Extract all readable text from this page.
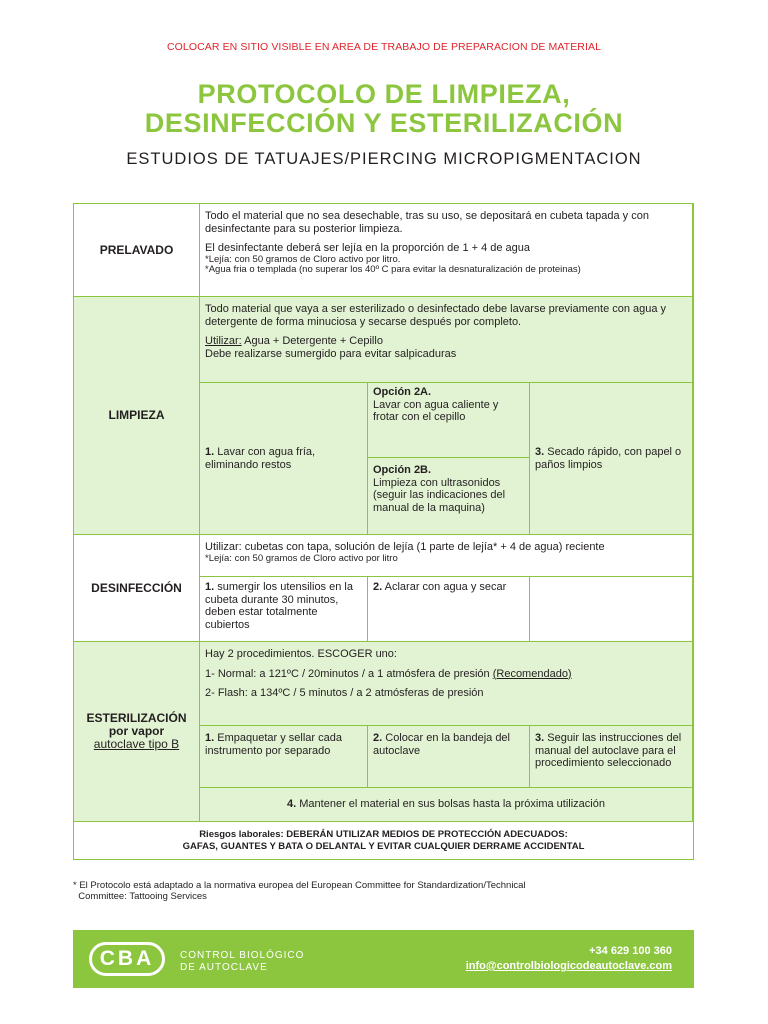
COLOCAR EN SITIO VISIBLE EN AREA DE TRABAJO DE PREPARACION DE MATERIAL
PROTOCOLO DE LIMPIEZA,
DESINFECCIÓN Y ESTERILIZACIÓN
ESTUDIOS DE TATUAJES/PIERCING MICROPIGMENTACION
PRELAVADO

Todo el material que no sea desechable, tras su uso, se depositará en cubeta tapada y con desinfectante para su posterior limpieza.

El desinfectante deberá ser lejía en la proporción de 1 + 4 de agua

*Lejía: con 50 gramos de Cloro activo por litro.

*Agua fria o templada (no superar los 40º C para evitar la desnaturalización de proteinas)

LIMPIEZA

Todo material que vaya a ser esterilizado o desinfectado debe lavarse previamente con agua y detergente de forma minuciosa y secarse después por completo.

Utilizar: Agua + Detergente + Cepillo

Debe realizarse sumergido para evitar salpicaduras

1. Lavar con agua fría, eliminando restos

Opción 2A.

Lavar con agua caliente y frotar con el cepillo

Opción 2B.

Limpieza con ultrasonidos (seguir las indicaciones del manual de la maquina)

3. Secado rápido, con papel o paños limpios

DESINFECCIÓN

Utilizar: cubetas con tapa, solución de lejía (1 parte de lejía* + 4 de agua) reciente

*Lejía: con 50 gramos de Cloro activo por litro

1. sumergir los utensilios en la cubeta durante 30 minutos, deben estar totalmente cubiertos

2. Aclarar con agua y secar

ESTERILIZACIÓN
por vapor
autoclave tipo B

Hay 2 procedimientos. ESCOGER uno:

1- Normal: a 121ºC / 20minutos / a 1 atmósfera de presión (Recomendado)

2- Flash: a 134ºC / 5 minutos / a 2 atmósferas de presión

1. Empaquetar y sellar cada instrumento por separado

2. Colocar en la bandeja del autoclave

3. Seguir las instrucciones del manual del autoclave para el procedimiento seleccionado

4. Mantener el material en sus bolsas hasta la próxima utilización

Riesgos laborales: DEBERÁN UTILIZAR MEDIOS DE PROTECCIÓN ADECUADOS:
GAFAS, GUANTES Y BATA O DELANTAL Y EVITAR CUALQUIER DERRAME ACCIDENTAL
* El Protocolo está adaptado a la normativa europea del European Committee for Standardization/Technical
Committee: Tattooing Services
CBA	CONTROL BIOLÓGICO
DE AUTOCLAVE
+34 629 100 360
info@controlbiologicodeautoclave.com
